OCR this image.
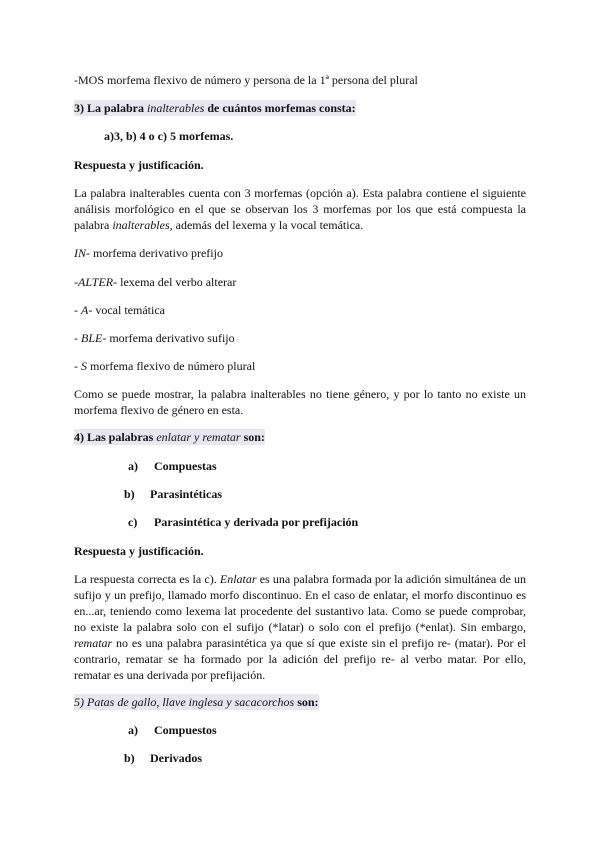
-MOS morfema flexivo de número y persona de la 1ª persona del plural

3) La palabra inalterables de cuántos morfemas consta:

a)3, b) 4 o c) 5 morfemas.

Respuesta y justificación.

La palabra inalterables cuenta con 3 morfemas (opción a). Esta palabra contiene el siguiente análisis morfológico en el que se observan los 3 morfemas por los que está compuesta la palabra inalterables, además del lexema y la vocal temática.

IN- morfema derivativo prefijo

-ALTER- lexema del verbo alterar

- A- vocal temática

- BLE- morfema derivativo sufijo

- S morfema flexivo de número plural

Como se puede mostrar, la palabra inalterables no tiene género, y por lo tanto no existe un morfema flexivo de género en esta.

4) Las palabras enlatar y rematar son:

a) Compuestas
b) Parasintéticas
c) Parasintética y derivada por prefijación

Respuesta y justificación.

La respuesta correcta es la c). Enlatar es una palabra formada por la adición simultánea de un sufijo y un prefijo, llamado morfo discontinuo. En el caso de enlatar, el morfo discontinuo es en...ar, teniendo como lexema lat procedente del sustantivo lata. Como se puede comprobar, no existe la palabra solo con el sufijo (*latar) o solo con el prefijo (*enlat). Sin embargo, rematar no es una palabra parasintética ya que sí que existe sin el prefijo re- (matar). Por el contrario, rematar se ha formado por la adición del prefijo re- al verbo matar. Por ello, rematar es una derivada por prefijación.

5) Patas de gallo, llave inglesa y sacacorchos son:

a) Compuestos
b) Derivados
